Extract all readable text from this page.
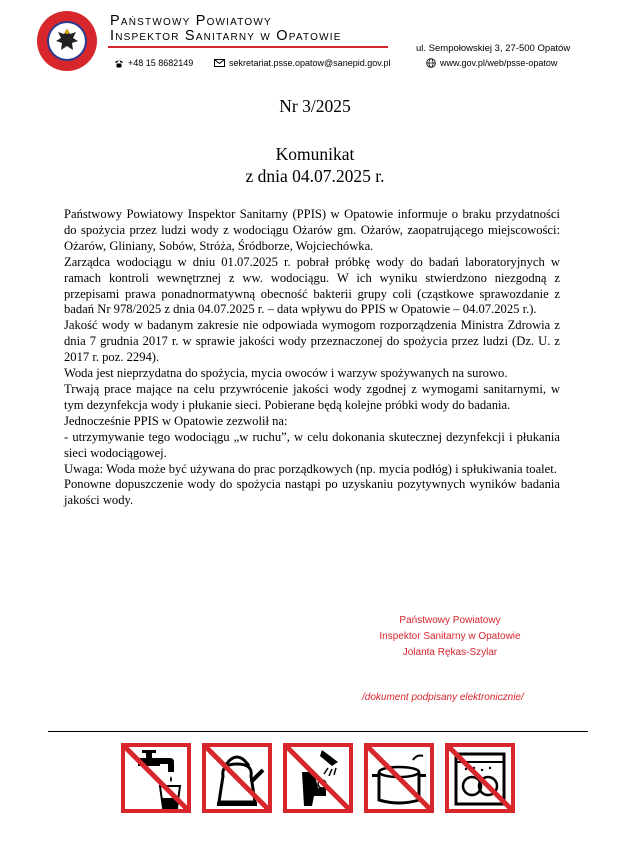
Państwowy Powiatowy
Inspektor Sanitarny w Opatowie
ul. Sempołowskiej 3, 27-500 Opatów
+48 15 8682149	sekretariat.psse.opatow@sanepid.gov.pl	www.gov.pl/web/psse-opatow
Nr 3/2025
Komunikat
z dnia 04.07.2025 r.

Państwowy Powiatowy Inspektor Sanitarny (PPIS) w Opatowie informuje o braku przydatności do spożycia przez ludzi wody z wodociągu Ożarów gm. Ożarów, zaopatrującego miejscowości: Ożarów, Gliniany, Sobów, Stróża, Śródborze, Wojciechówka.

Zarządca wodociągu w dniu 01.07.2025 r. pobrał próbkę wody do badań laboratoryjnych w ramach kontroli wewnętrznej z ww. wodociągu. W ich wyniku stwierdzono niezgodną z przepisami prawa ponadnormatywną obecność bakterii grupy coli (cząstkowe sprawozdanie z badań Nr 978/2025 z dnia 04.07.2025 r. – data wpływu do PPIS w Opatowie – 04.07.2025 r.).

Jakość wody w badanym zakresie nie odpowiada wymogom rozporządzenia Ministra Zdrowia z dnia 7 grudnia 2017 r. w sprawie jakości wody przeznaczonej do spożycia przez ludzi (Dz. U. z 2017 r. poz. 2294).

Woda jest nieprzydatna do spożycia, mycia owoców i warzyw spożywanych na surowo.

Trwają prace mające na celu przywrócenie jakości wody zgodnej z wymogami sanitarnymi, w tym dezynfekcja wody i płukanie sieci. Pobierane będą kolejne próbki wody do badania.

Jednocześnie PPIS w Opatowie zezwolił na:

- utrzymywanie tego wodociągu „w ruchu”, w celu dokonania skutecznej dezynfekcji i płukania sieci wodociągowej.

Uwaga: Woda może być używana do prac porządkowych (np. mycia podłóg) i spłukiwania toalet.

Ponowne dopuszczenie wody do spożycia nastąpi po uzyskaniu pozytywnych wyników badania jakości wody.

Państwowy Powiatowy
Inspektor Sanitarny w Opatowie
Jolanta Rękas-Szylar
/dokument podpisany elektronicznie/
